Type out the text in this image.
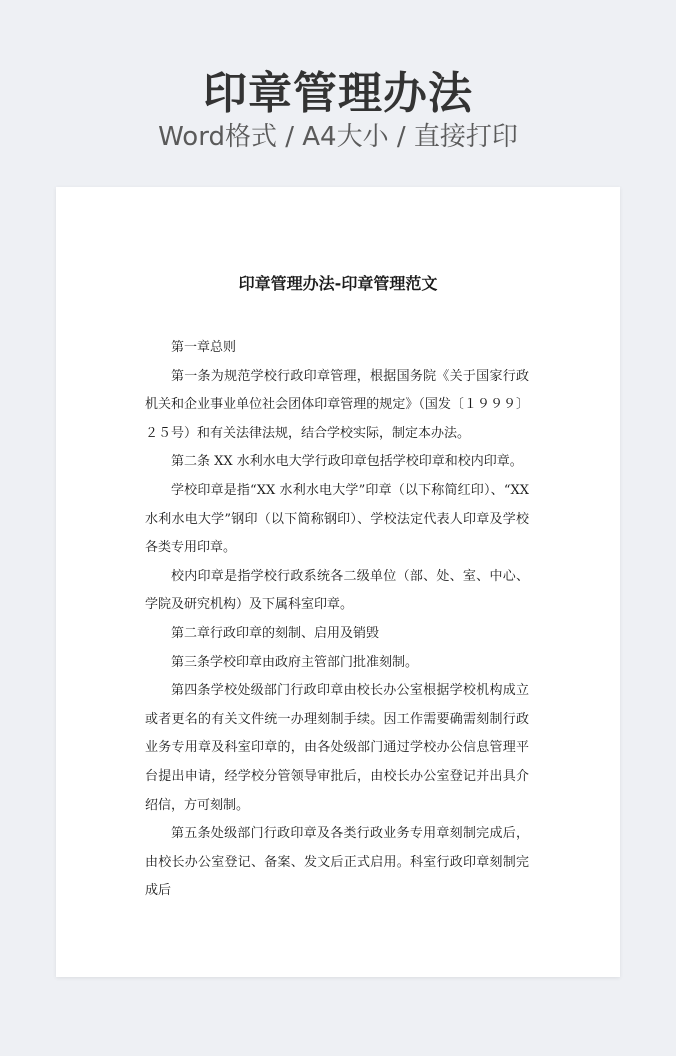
印章管理办法

Word格式 / A4大小 / 直接打印

印章管理办法-印章管理范文

第一章总则

第一条为规范学校行政印章管理，根据国务院《关于国家行政机关和企业事业单位社会团体印章管理的规定》（国发〔１９９９〕２５号）和有关法律法规，结合学校实际，制定本办法。

第二条 XX 水利水电大学行政印章包括学校印章和校内印章。

学校印章是指“XX 水利水电大学”印章（以下称简红印）、“XX 水利水电大学”钢印（以下简称钢印）、学校法定代表人印章及学校各类专用印章。

校内印章是指学校行政系统各二级单位（部、处、室、中心、学院及研究机构）及下属科室印章。

第二章行政印章的刻制、启用及销毁

第三条学校印章由政府主管部门批准刻制。

第四条学校处级部门行政印章由校长办公室根据学校机构成立或者更名的有关文件统一办理刻制手续。因工作需要确需刻制行政业务专用章及科室印章的，由各处级部门通过学校办公信息管理平台提出申请，经学校分管领导审批后，由校长办公室登记并出具介绍信，方可刻制。

第五条处级部门行政印章及各类行政业务专用章刻制完成后，由校长办公室登记、备案、发文后正式启用。科室行政印章刻制完成后
